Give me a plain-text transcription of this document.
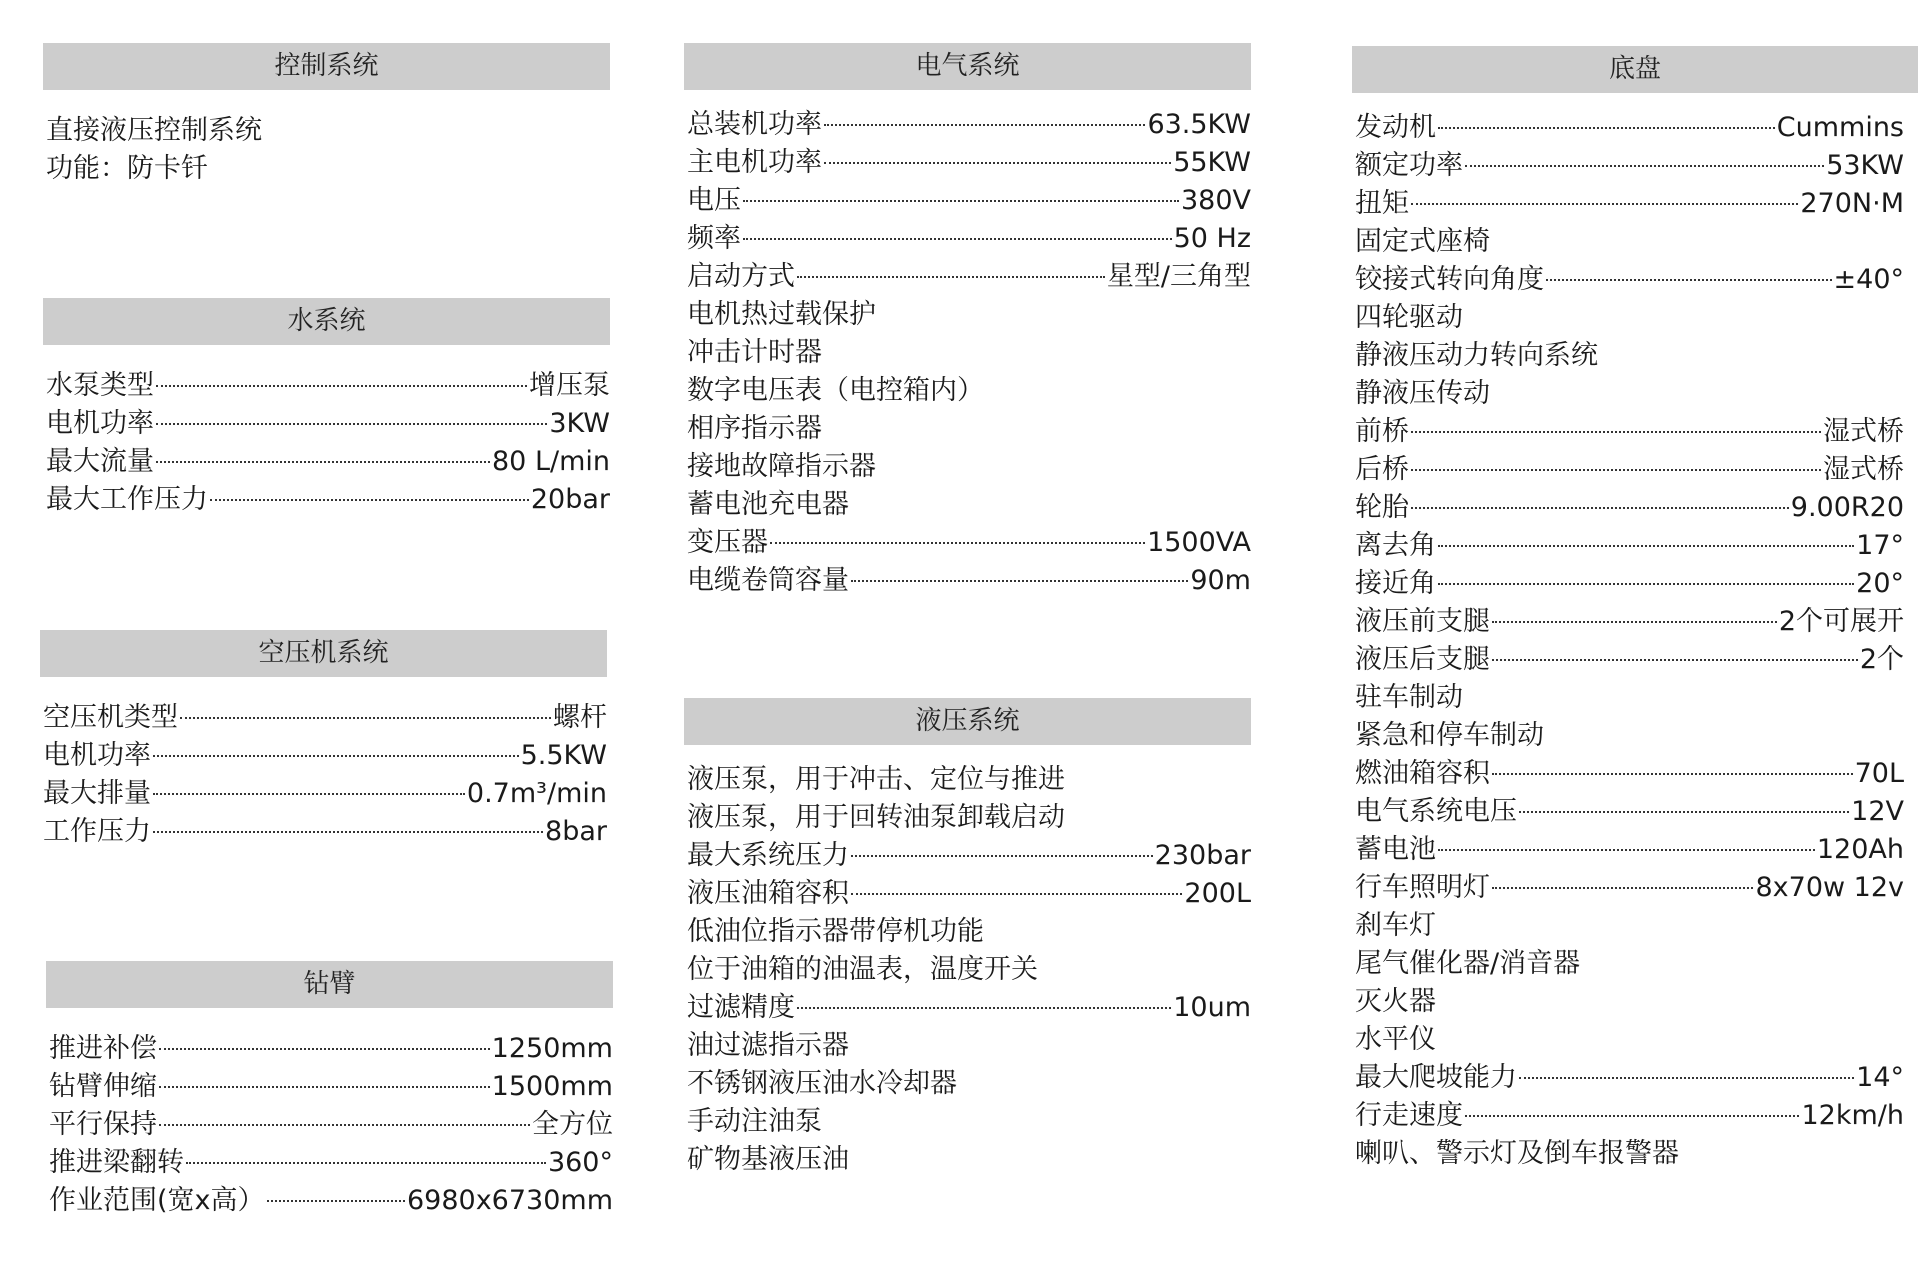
控制系统
直接液压控制系统
功能：防卡钎
水系统
水泵类型	增压泵
电机功率	3KW
最大流量	80 L/min
最大工作压力	20bar
空压机系统
空压机类型	螺杆
电机功率	5.5KW
最大排量	0.7m³/min
工作压力	8bar
钻臂
推进补偿	1250mm
钻臂伸缩	1500mm
平行保持	全方位
推进梁翻转	360°
作业范围(宽x高）	6980x6730mm
电气系统
总装机功率	63.5KW
主电机功率	55KW
电压	380V
频率	50 Hz
启动方式	星型/三角型
电机热过载保护
冲击计时器
数字电压表（电控箱内）
相序指示器
接地故障指示器
蓄电池充电器
变压器	1500VA
电缆卷筒容量	90m
液压系统
液压泵，用于冲击、定位与推进
液压泵，用于回转油泵卸载启动
最大系统压力	230bar
液压油箱容积	200L
低油位指示器带停机功能
位于油箱的油温表，温度开关
过滤精度	10um
油过滤指示器
不锈钢液压油水冷却器
手动注油泵
矿物基液压油
底盘
发动机	Cummins
额定功率	53KW
扭矩	270N·M
固定式座椅
铰接式转向角度	±40°
四轮驱动
静液压动力转向系统
静液压传动
前桥	湿式桥
后桥	湿式桥
轮胎	9.00R20
离去角	17°
接近角	20°
液压前支腿	2个可展开
液压后支腿	2个
驻车制动
紧急和停车制动
燃油箱容积	70L
电气系统电压	12V
蓄电池	120Ah
行车照明灯	8x70w 12v
刹车灯
尾气催化器/消音器
灭火器
水平仪
最大爬坡能力	14°
行走速度	12km/h
喇叭、警示灯及倒车报警器
